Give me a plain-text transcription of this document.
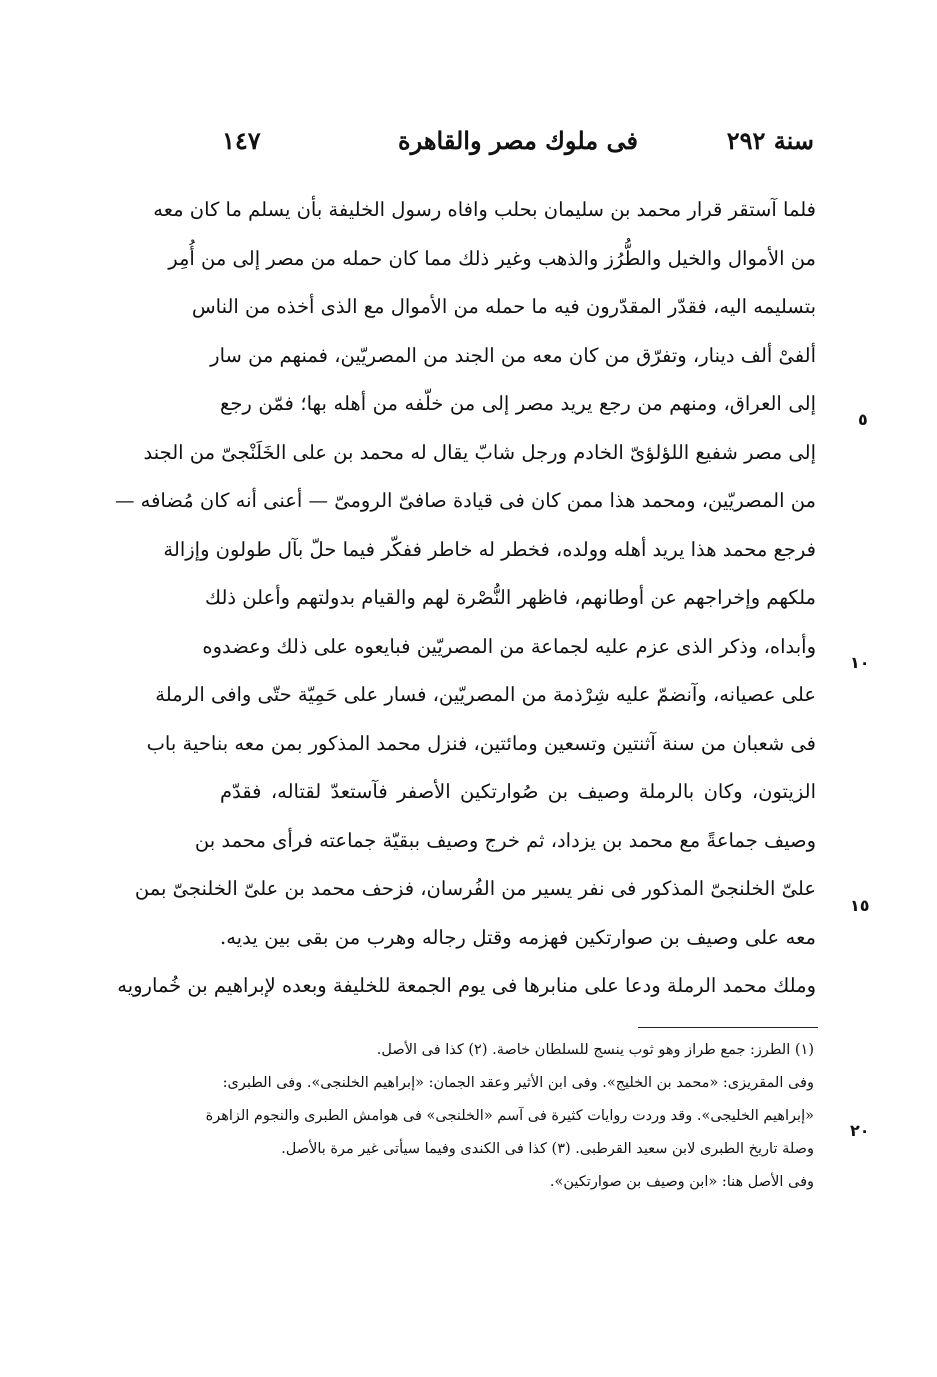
سنة ٢٩٢
فى ملوك مصر والقاهرة
١٤٧
فلما آستقر قرار محمد بن سليمان بحلب وافاه رسول الخليفة بأن يسلم ما كان معه
من الأموال والخيل والطُّرُز والذهب وغير ذلك مما كان حمله من مصر إلى من أُمِر
بتسليمه اليه، فقدّر المقدّرون فيه ما حمله من الأموال مع الذى أخذه من الناس
ألفىْ ألف دينار، وتفرّق من كان معه من الجند من المصريّين، فمنهم من سار
إلى العراق، ومنهم من رجع يريد مصر إلى من خلّفه من أهله بها؛ فمّن رجع
إلى مصر شفيع اللؤلؤىّ الخادم ورجل شابّ يقال له محمد بن على الخَلَنْجىّ من الجند
من المصريّين، ومحمد هذا ممن كان فى قيادة صافىّ الرومىّ — أعنى أنه كان مُضافه —
فرجع محمد هذا يريد أهله وولده، فخطر له خاطر ففكّر فيما حلّ بآل طولون وإزالة
ملكهم وإخراجهم عن أوطانهم، فاظهر النُّصْرة لهم والقيام بدولتهم وأعلن ذلك
وأبداه، وذكر الذى عزم عليه لجماعة من المصريّين فبايعوه على ذلك وعضدوه
على عصيانه، وآنضمّ عليه شِرْذمة من المصريّين، فسار على حَمِيّة حتّى وافى الرملة
فى شعبان من سنة آثنتين وتسعين ومائتين، فنزل محمد المذكور بمن معه بناحية باب
الزيتون، وكان بالرملة وصيف بن صُوارتكين الأصفر فآستعدّ لقتاله، فقدّم
وصيف جماعةً مع محمد بن يزداد، ثم خرج وصيف ببقيّة جماعته فرأى محمد بن
علىّ الخلنجىّ المذكور فى نفر يسير من الفُرسان، فزحف محمد بن علىّ الخلنجىّ بمن
معه على وصيف بن صوارتكين فهزمه وقتل رجاله وهرب من بقى بين يديه.
وملك محمد الرملة ودعا على منابرها فى يوم الجمعة للخليفة وبعده لإبراهيم بن خُمارويه
٥
١٠
١٥
٢٠
(١) الطرز: جمع طراز وهو ثوب ينسج للسلطان خاصة. (٢) كذا فى الأصل.
وفى المقريزى: «محمد بن الخليج». وفى ابن الأثير وعقد الجمان: «إبراهيم الخلنجى». وفى الطبرى:
«إبراهيم الخليجى». وقد وردت روايات كثيرة فى آسم «الخلنجى» فى هوامش الطبرى والنجوم الزاهرة
وصلة تاريخ الطبرى لابن سعيد القرطبى. (٣) كذا فى الكندى وفيما سيأتى غير مرة بالأصل.
وفى الأصل هنا: «ابن وصيف بن صوارتكين».
